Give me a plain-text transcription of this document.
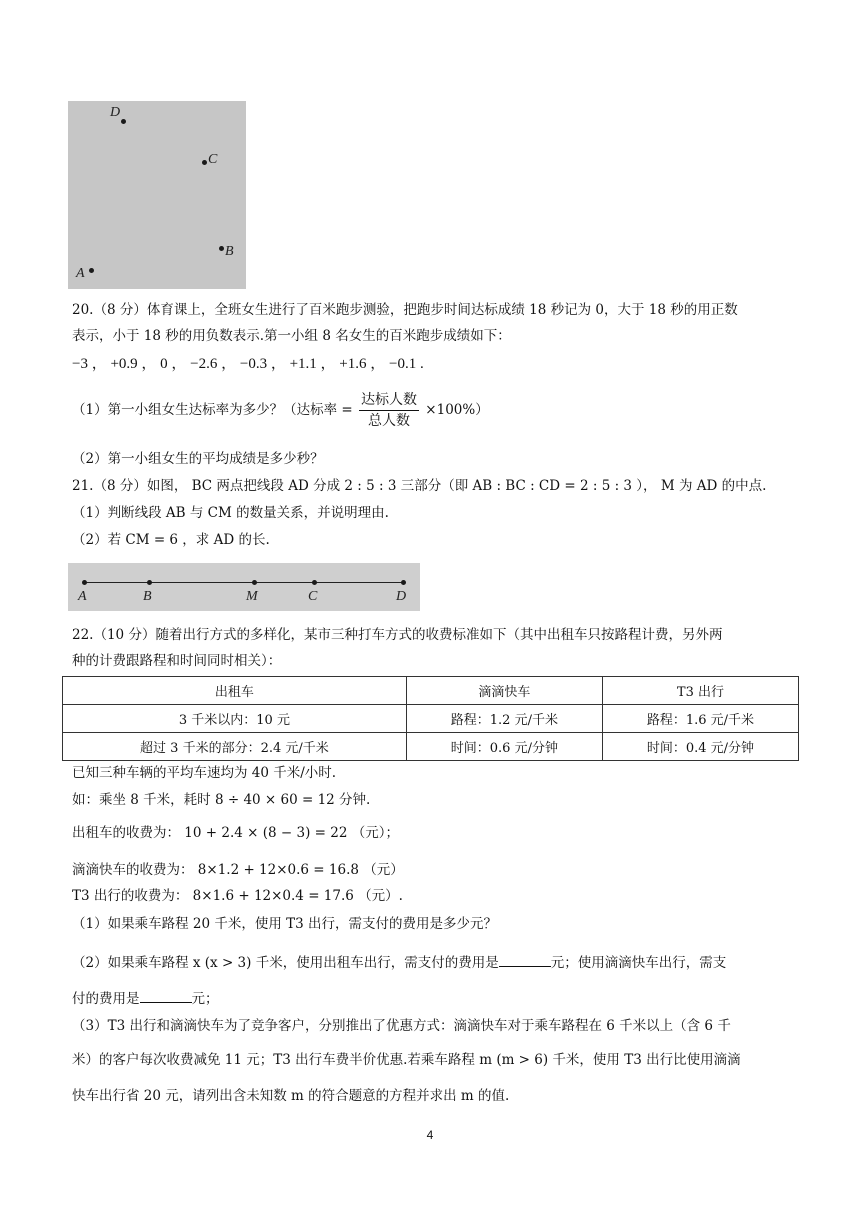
D
C
B
A
20.（8 分）体育课上，全班女生进行了百米跑步测验，把跑步时间达标成绩 18 秒记为 0，大于 18 秒的用正数
表示，小于 18 秒的用负数表示.第一小组 8 名女生的百米跑步成绩如下：
−3 ， +0.9 ， 0 ， −2.6 ， −0.3 ， +1.1 ， +1.6 ， −0.1 .
（1）第一小组女生达标率为多少？（达标率 = $\frac{\text{达标人数}}{\text{总人数}} \times 100\%$）
（2）第一小组女生的平均成绩是多少秒？
21.（8 分）如图， BC 两点把线段 AD 分成 2 : 5 : 3 三部分（即 AB : BC : CD = 2 : 5 : 3 ）， M 为 AD 的中点.
（1）判断线段 AB 与 CM 的数量关系，并说明理由.
（2）若 CM = 6 ，求 AD 的长.
A	B	M	C	D
22.（10 分）随着出行方式的多样化，某市三种打车方式的收费标准如下（其中出租车只按路程计费，另外两
种的计费跟路程和时间同时相关）：
出租车	滴滴快车	T3 出行
3 千米以内：10 元	路程：1.2 元/千米	路程：1.6 元/千米
超过 3 千米的部分：2.4 元/千米	时间：0.6 元/分钟	时间：0.4 元/分钟
已知三种车辆的平均车速均为 40 千米/小时.
如：乘坐 8 千米，耗时 8 ÷ 40 × 60 = 12 分钟.
出租车的收费为： 10 + 2.4 × (8 − 3) = 22 （元）；
滴滴快车的收费为： 8×1.2 + 12×0.6 = 16.8 （元）
T3 出行的收费为： 8×1.6 + 12×0.4 = 17.6 （元）.
（1）如果乘车路程 20 千米，使用 T3 出行，需支付的费用是多少元？
（2）如果乘车路程 x (x > 3) 千米，使用出租车出行，需支付的费用是	元；使用滴滴快车出行，需支
付的费用是	元；
（3）T3 出行和滴滴快车为了竞争客户，分别推出了优惠方式：滴滴快车对于乘车路程在 6 千米以上（含 6 千
米）的客户每次收费减免 11 元；T3 出行车费半价优惠.若乘车路程 m (m > 6) 千米，使用 T3 出行比使用滴滴
快车出行省 20 元，请列出含未知数 m 的符合题意的方程并求出 m 的值.
4
